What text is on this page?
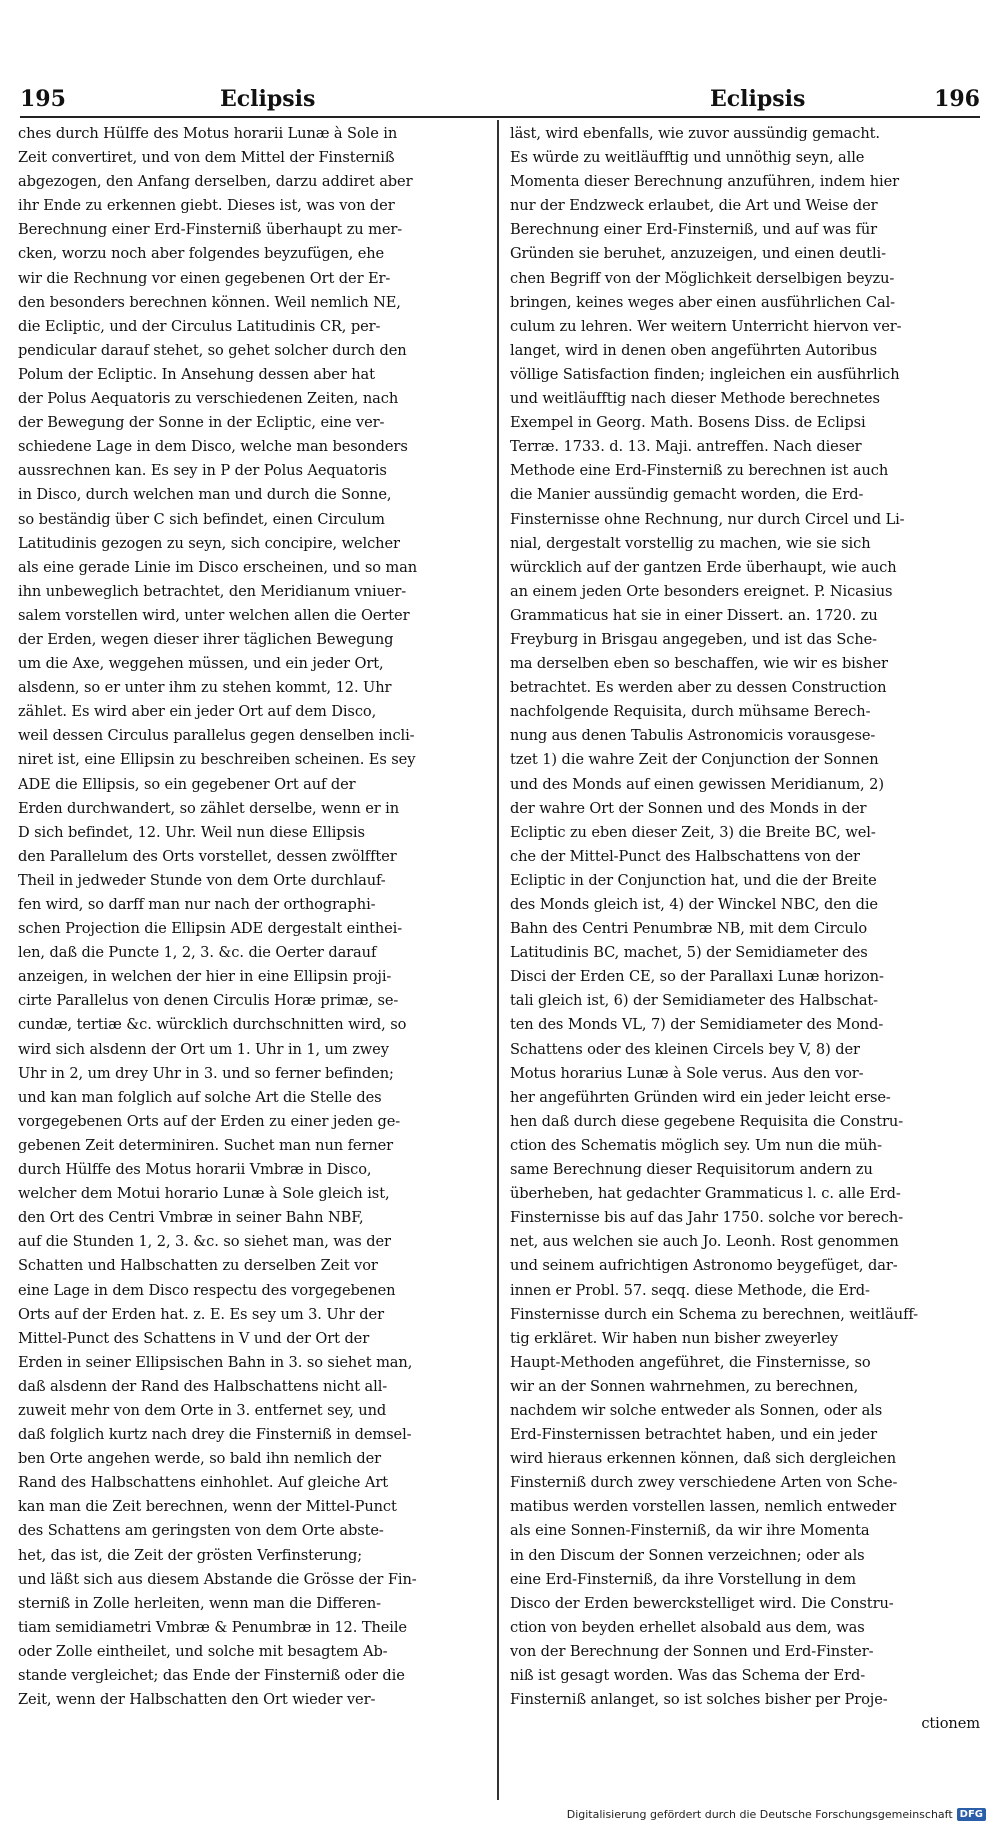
195	Eclipsis	Eclipsis	196
ches durch Hülffe des Motus horarii Lunæ à Sole in
Zeit convertiret, und von dem Mittel der Finsterniß
abgezogen, den Anfang derselben, darzu addiret aber
ihr Ende zu erkennen giebt. Dieses ist, was von der
Berechnung einer Erd-Finsterniß überhaupt zu mer-
cken, worzu noch aber folgendes beyzufügen, ehe
wir die Rechnung vor einen gegebenen Ort der Er-
den besonders berechnen können. Weil nemlich NE,
die Ecliptic, und der Circulus Latitudinis CR, per-
pendicular darauf stehet, so gehet solcher durch den
Polum der Ecliptic. In Ansehung dessen aber hat
der Polus Aequatoris zu verschiedenen Zeiten, nach
der Bewegung der Sonne in der Ecliptic, eine ver-
schiedene Lage in dem Disco, welche man besonders
aussrechnen kan. Es sey in P der Polus Aequatoris
in Disco, durch welchen man und durch die Sonne,
so beständig über C sich befindet, einen Circulum
Latitudinis gezogen zu seyn, sich concipire, welcher
als eine gerade Linie im Disco erscheinen, und so man
ihn unbeweglich betrachtet, den Meridianum vniuer-
salem vorstellen wird, unter welchen allen die Oerter
der Erden, wegen dieser ihrer täglichen Bewegung
um die Axe, weggehen müssen, und ein jeder Ort,
alsdenn, so er unter ihm zu stehen kommt, 12. Uhr
zählet. Es wird aber ein jeder Ort auf dem Disco,
weil dessen Circulus parallelus gegen denselben incli-
niret ist, eine Ellipsin zu beschreiben scheinen. Es sey
ADE die Ellipsis, so ein gegebener Ort auf der
Erden durchwandert, so zählet derselbe, wenn er in
D sich befindet, 12. Uhr. Weil nun diese Ellipsis
den Parallelum des Orts vorstellet, dessen zwölffter
Theil in jedweder Stunde von dem Orte durchlauf-
fen wird, so darff man nur nach der orthographi-
schen Projection die Ellipsin ADE dergestalt einthei-
len, daß die Puncte 1, 2, 3. &c. die Oerter darauf
anzeigen, in welchen der hier in eine Ellipsin proji-
cirte Parallelus von denen Circulis Horæ primæ, se-
cundæ, tertiæ &c. würcklich durchschnitten wird, so
wird sich alsdenn der Ort um 1. Uhr in 1, um zwey
Uhr in 2, um drey Uhr in 3. und so ferner befinden;
und kan man folglich auf solche Art die Stelle des
vorgegebenen Orts auf der Erden zu einer jeden ge-
gebenen Zeit determiniren. Suchet man nun ferner
durch Hülffe des Motus horarii Vmbræ in Disco,
welcher dem Motui horario Lunæ à Sole gleich ist,
den Ort des Centri Vmbræ in seiner Bahn NBF,
auf die Stunden 1, 2, 3. &c. so siehet man, was der
Schatten und Halbschatten zu derselben Zeit vor
eine Lage in dem Disco respectu des vorgegebenen
Orts auf der Erden hat. z. E. Es sey um 3. Uhr der
Mittel-Punct des Schattens in V und der Ort der
Erden in seiner Ellipsischen Bahn in 3. so siehet man,
daß alsdenn der Rand des Halbschattens nicht all-
zuweit mehr von dem Orte in 3. entfernet sey, und
daß folglich kurtz nach drey die Finsterniß in demsel-
ben Orte angehen werde, so bald ihn nemlich der
Rand des Halbschattens einhohlet. Auf gleiche Art
kan man die Zeit berechnen, wenn der Mittel-Punct
des Schattens am geringsten von dem Orte abste-
het, das ist, die Zeit der grösten Verfinsterung;
und läßt sich aus diesem Abstande die Grösse der Fin-
sterniß in Zolle herleiten, wenn man die Differen-
tiam semidiametri Vmbræ & Penumbræ in 12. Theile
oder Zolle eintheilet, und solche mit besagtem Ab-
stande vergleichet; das Ende der Finsterniß oder die
Zeit, wenn der Halbschatten den Ort wieder ver-
läst, wird ebenfalls, wie zuvor aussündig gemacht.
Es würde zu weitläufftig und unnöthig seyn, alle
Momenta dieser Berechnung anzuführen, indem hier
nur der Endzweck erlaubet, die Art und Weise der
Berechnung einer Erd-Finsterniß, und auf was für
Gründen sie beruhet, anzuzeigen, und einen deutli-
chen Begriff von der Möglichkeit derselbigen beyzu-
bringen, keines weges aber einen ausführlichen Cal-
culum zu lehren. Wer weitern Unterricht hiervon ver-
langet, wird in denen oben angeführten Autoribus
völlige Satisfaction finden; ingleichen ein ausführlich
und weitläufftig nach dieser Methode berechnetes
Exempel in Georg. Math. Bosens Diss. de Eclipsi
Terræ. 1733. d. 13. Maji. antreffen. Nach dieser
Methode eine Erd-Finsterniß zu berechnen ist auch
die Manier aussündig gemacht worden, die Erd-
Finsternisse ohne Rechnung, nur durch Circel und Li-
nial, dergestalt vorstellig zu machen, wie sie sich
würcklich auf der gantzen Erde überhaupt, wie auch
an einem jeden Orte besonders ereignet. P. Nicasius
Grammaticus hat sie in einer Dissert. an. 1720. zu
Freyburg in Brisgau angegeben, und ist das Sche-
ma derselben eben so beschaffen, wie wir es bisher
betrachtet. Es werden aber zu dessen Construction
nachfolgende Requisita, durch mühsame Berech-
nung aus denen Tabulis Astronomicis vorausgese-
tzet 1) die wahre Zeit der Conjunction der Sonnen
und des Monds auf einen gewissen Meridianum, 2)
der wahre Ort der Sonnen und des Monds in der
Ecliptic zu eben dieser Zeit, 3) die Breite BC, wel-
che der Mittel-Punct des Halbschattens von der
Ecliptic in der Conjunction hat, und die der Breite
des Monds gleich ist, 4) der Winckel NBC, den die
Bahn des Centri Penumbræ NB, mit dem Circulo
Latitudinis BC, machet, 5) der Semidiameter des
Disci der Erden CE, so der Parallaxi Lunæ horizon-
tali gleich ist, 6) der Semidiameter des Halbschat-
ten des Monds VL, 7) der Semidiameter des Mond-
Schattens oder des kleinen Circels bey V, 8) der
Motus horarius Lunæ à Sole verus. Aus den vor-
her angeführten Gründen wird ein jeder leicht erse-
hen daß durch diese gegebene Requisita die Constru-
ction des Schematis möglich sey. Um nun die müh-
same Berechnung dieser Requisitorum andern zu
überheben, hat gedachter Grammaticus l. c. alle Erd-
Finsternisse bis auf das Jahr 1750. solche vor berech-
net, aus welchen sie auch Jo. Leonh. Rost genommen
und seinem aufrichtigen Astronomo beygefüget, dar-
innen er Probl. 57. seqq. diese Methode, die Erd-
Finsternisse durch ein Schema zu berechnen, weitläuff-
tig erkläret. Wir haben nun bisher zweyerley
Haupt-Methoden angeführet, die Finsternisse, so
wir an der Sonnen wahrnehmen, zu berechnen,
nachdem wir solche entweder als Sonnen, oder als
Erd-Finsternissen betrachtet haben, und ein jeder
wird hieraus erkennen können, daß sich dergleichen
Finsterniß durch zwey verschiedene Arten von Sche-
matibus werden vorstellen lassen, nemlich entweder
als eine Sonnen-Finsterniß, da wir ihre Momenta
in den Discum der Sonnen verzeichnen; oder als
eine Erd-Finsterniß, da ihre Vorstellung in dem
Disco der Erden bewerckstelliget wird. Die Constru-
ction von beyden erhellet alsobald aus dem, was
von der Berechnung der Sonnen und Erd-Finster-
niß ist gesagt worden. Was das Schema der Erd-
Finsterniß anlanget, so ist solches bisher per Proje-
ctionem
Digitalisierung gefördert durch die Deutsche Forschungsgemeinschaft DFG
